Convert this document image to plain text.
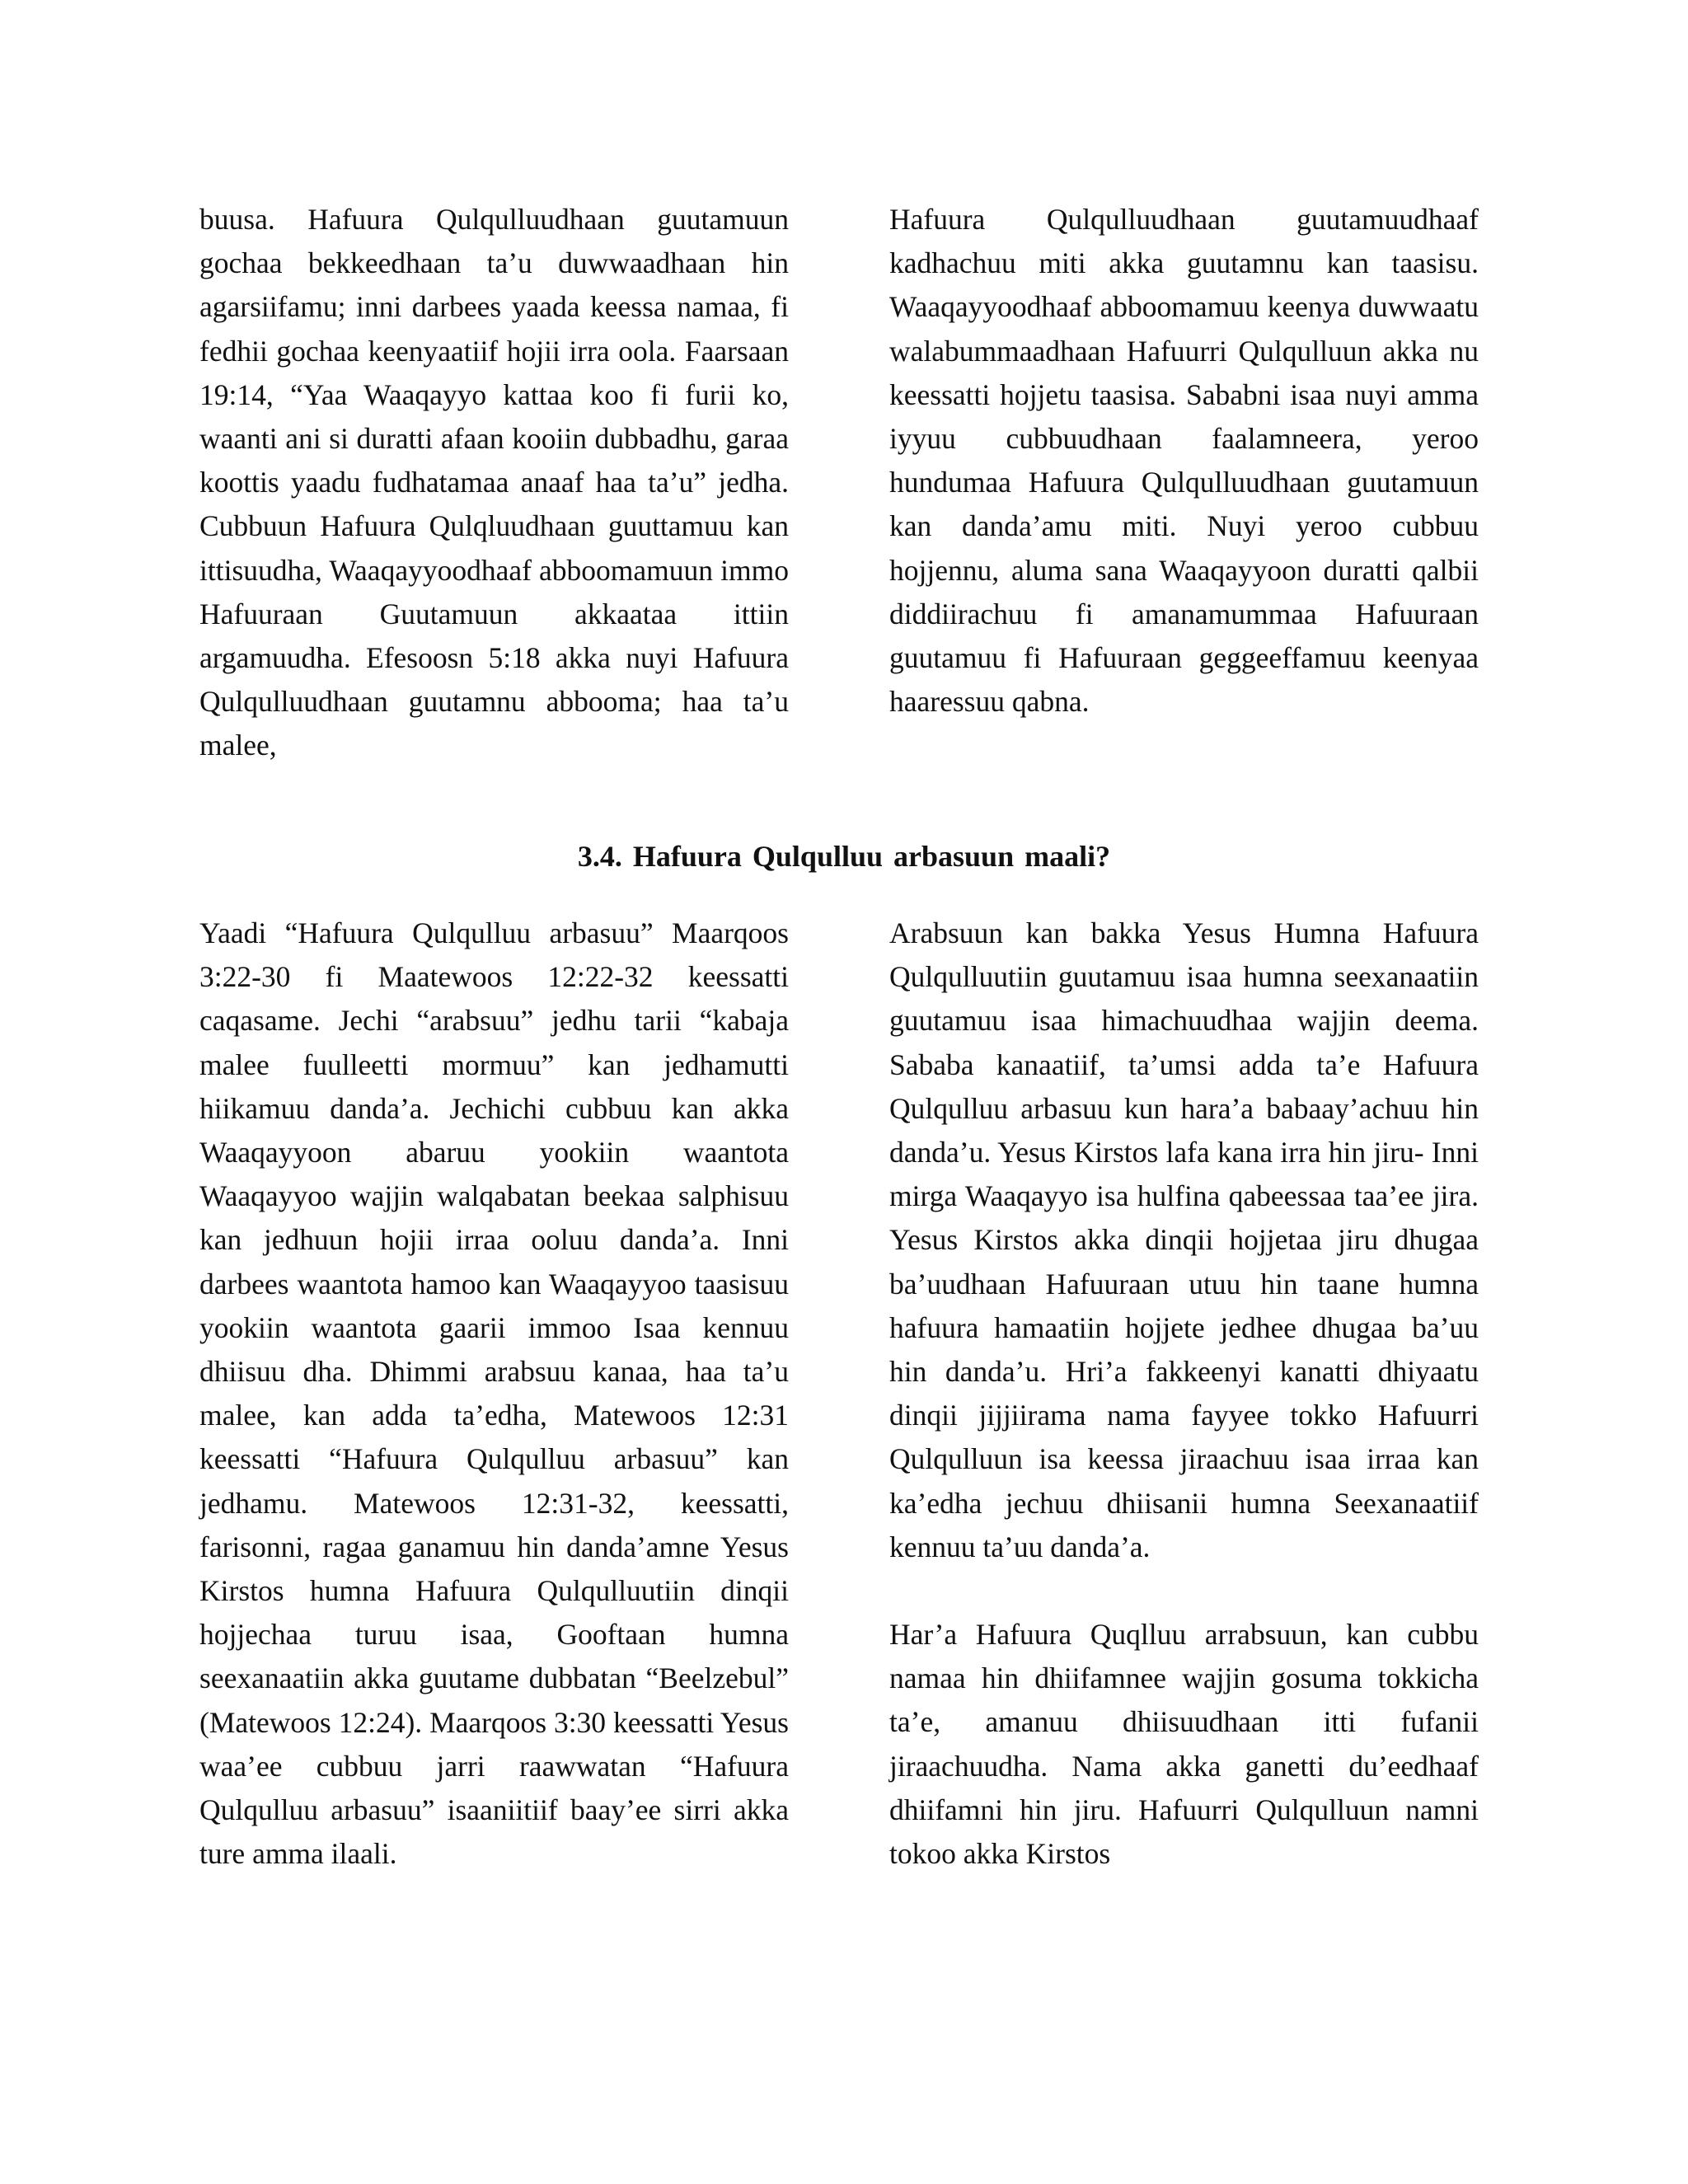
buusa. Hafuura Qulqulluudhaan guutamuun gochaa bekkeedhaan ta’u duwwaadhaan hin agarsiifamu; inni darbees yaada keessa namaa, fi fedhii gochaa keenyaatiif hojii irra oola. Faarsaan 19:14, “Yaa Waaqayyo kattaa koo fi furii ko, waanti ani si duratti afaan kooiin dubbadhu, garaa koottis yaadu fudhatamaa anaaf haa ta’u” jedha. Cubbuun Hafuura Qulqluudhaan guuttamuu kan ittisuudha, Waaqayyoodhaaf abboomamuun immo Hafuuraan Guutamuun akkaataa ittiin argamuudha. Efesoosn 5:18 akka nuyi Hafuura Qulqulluudhaan guutamnu abbooma; haa ta’u malee,

Hafuura Qulqulluudhaan guutamuudhaaf kadhachuu miti akka guutamnu kan taasisu. Waaqayyoodhaaf abboomamuu keenya duwwaatu walabummaadhaan Hafuurri Qulqulluun akka nu keessatti hojjetu taasisa. Sababni isaa nuyi amma iyyuu cubbuudhaan faalamneera, yeroo hundumaa Hafuura Qulqulluudhaan guutamuun kan danda’amu miti. Nuyi yeroo cubbuu hojjennu, aluma sana Waaqayyoon duratti qalbii diddiirachuu fi amanamummaa Hafuuraan guutamuu fi Hafuuraan geggeeffamuu keenyaa haaressuu qabna.

3.4. Hafuura Qulqulluu arbasuun maali?

Yaadi “Hafuura Qulqulluu arbasuu” Maarqoos 3:22-30 fi Maatewoos 12:22-32 keessatti caqasame. Jechi “arabsuu” jedhu tarii “kabaja malee fuulleetti mormuu” kan jedhamutti hiikamuu danda’a. Jechichi cubbuu kan akka Waaqayyoon abaruu yookiin waantota Waaqayyoo wajjin walqabatan beekaa salphisuu kan jedhuun hojii irraa ooluu danda’a. Inni darbees waantota hamoo kan Waaqayyoo taasisuu yookiin waantota gaarii immoo Isaa kennuu dhiisuu dha. Dhimmi arabsuu kanaa, haa ta’u malee, kan adda ta’edha, Matewoos 12:31 keessatti “Hafuura Qulqulluu arbasuu” kan jedhamu. Matewoos 12:31-32, keessatti, farisonni, ragaa ganamuu hin danda’amne Yesus Kirstos humna Hafuura Qulqulluutiin dinqii hojjechaa turuu isaa, Gooftaan humna seexanaatiin akka guutame dubbatan “Beelzebul” (Matewoos 12:24). Maarqoos 3:30 keessatti Yesus waa’ee cubbuu jarri raawwatan “Hafuura Qulqulluu arbasuu” isaaniitiif baay’ee sirri akka ture amma ilaali.

Arabsuun kan bakka Yesus Humna Hafuura Qulqulluutiin guutamuu isaa humna seexanaatiin guutamuu isaa himachuudhaa wajjin deema. Sababa kanaatiif, ta’umsi adda ta’e Hafuura Qulqulluu arbasuu kun hara’a babaay’achuu hin danda’u. Yesus Kirstos lafa kana irra hin jiru- Inni mirga Waaqayyo isa hulfina qabeessaa taa’ee jira. Yesus Kirstos akka dinqii hojjetaa jiru dhugaa ba’uudhaan Hafuuraan utuu hin taane humna hafuura hamaatiin hojjete jedhee dhugaa ba’uu hin danda’u. Hri’a fakkeenyi kanatti dhiyaatu dinqii jijjiirama nama fayyee tokko Hafuurri Qulqulluun isa keessa jiraachuu isaa irraa kan ka’edha jechuu dhiisanii humna Seexanaatiif kennuu ta’uu danda’a.

Har’a Hafuura Quqlluu arrabsuun, kan cubbu namaa hin dhiifamnee wajjin gosuma tokkicha ta’e, amanuu dhiisuudhaan itti fufanii jiraachuudha. Nama akka ganetti du’eedhaaf dhiifamni hin jiru. Hafuurri Qulqulluun namni tokoo akka Kirstos
